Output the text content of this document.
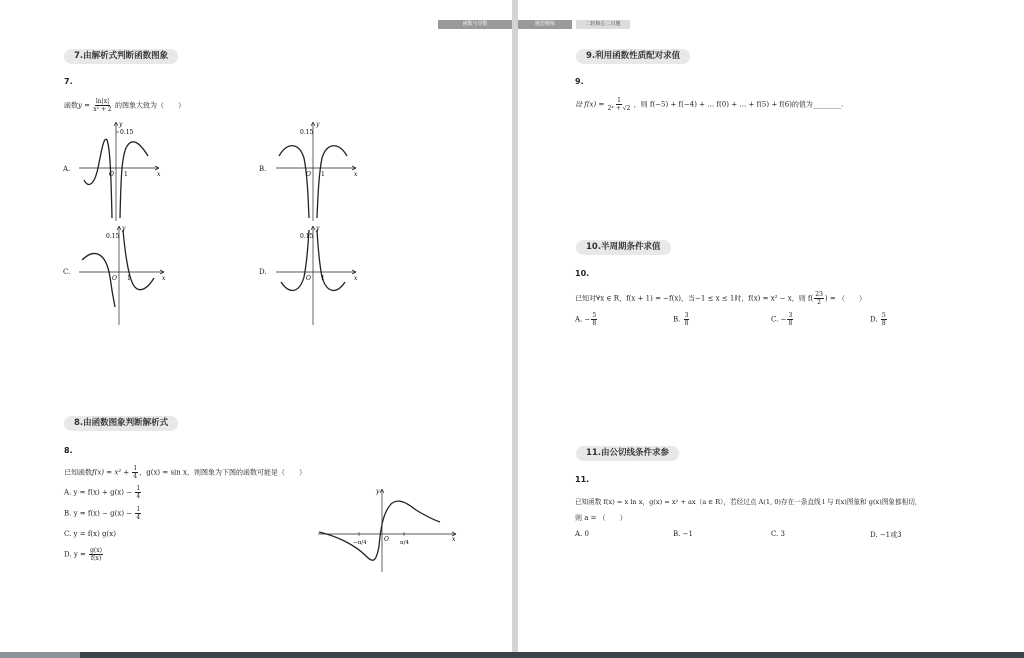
函数与导数
7.由解析式判断函数图象
7.
函数$y = \frac{\ln|x|}{\text{x² + 2}}$ 的图象大致为（　　）
A.
0.15
y
x
O 1
B.
0.15
y
x
O 1
C.
0.15
y
x
O 1
D.
0.15
y
x
O 1
8.由函数图象判断解析式
8.
已知函数$f(x) = x^2 + \frac{1}{4}$ ，g(x) = sin x，则图象为下图的函数可能是（　　）
A. $y = f(x) + g(x) - \frac{1}{4}$
B. $y = f(x) - g(x) - \frac{1}{4}$
C. y = f(x) g(x)
D. $y = \frac{g(x)}{f(x)}$
−π/4	π/4
y
x
O
题型精练	二轮核心二百题
9.利用函数性质配对求值
9.
设 $f(x) = \frac{1}{\text{2ˣ + √2}}$ ，则 f(−5) + f(−4) + … f(0) + … + f(5) + f(6)的值为________.
10.半周期条件求值
10.
已知对∀x ∈ R，f(x + 1) = −f(x)，当−1 ≤ x ≤ 1时，f(x) = x² − x，则 $f( \frac{23}{2}$ ) = （　　）
A. − $\frac{5}{8}$	B. $\frac{3}{8}$	C. − $\frac{3}{8}$	D. $\frac{5}{8}$
11.由公切线条件求参
11.
已知函数 f(x) = x ln x，g(x) = x² + ax（a ∈ R），若经过点 A(1, 0)存在一条直线 l 与 f(x)图象和 g(x)图象都相切，
则 a = （　　）
A. 0	B. −1	C. 3	D. −1或3
